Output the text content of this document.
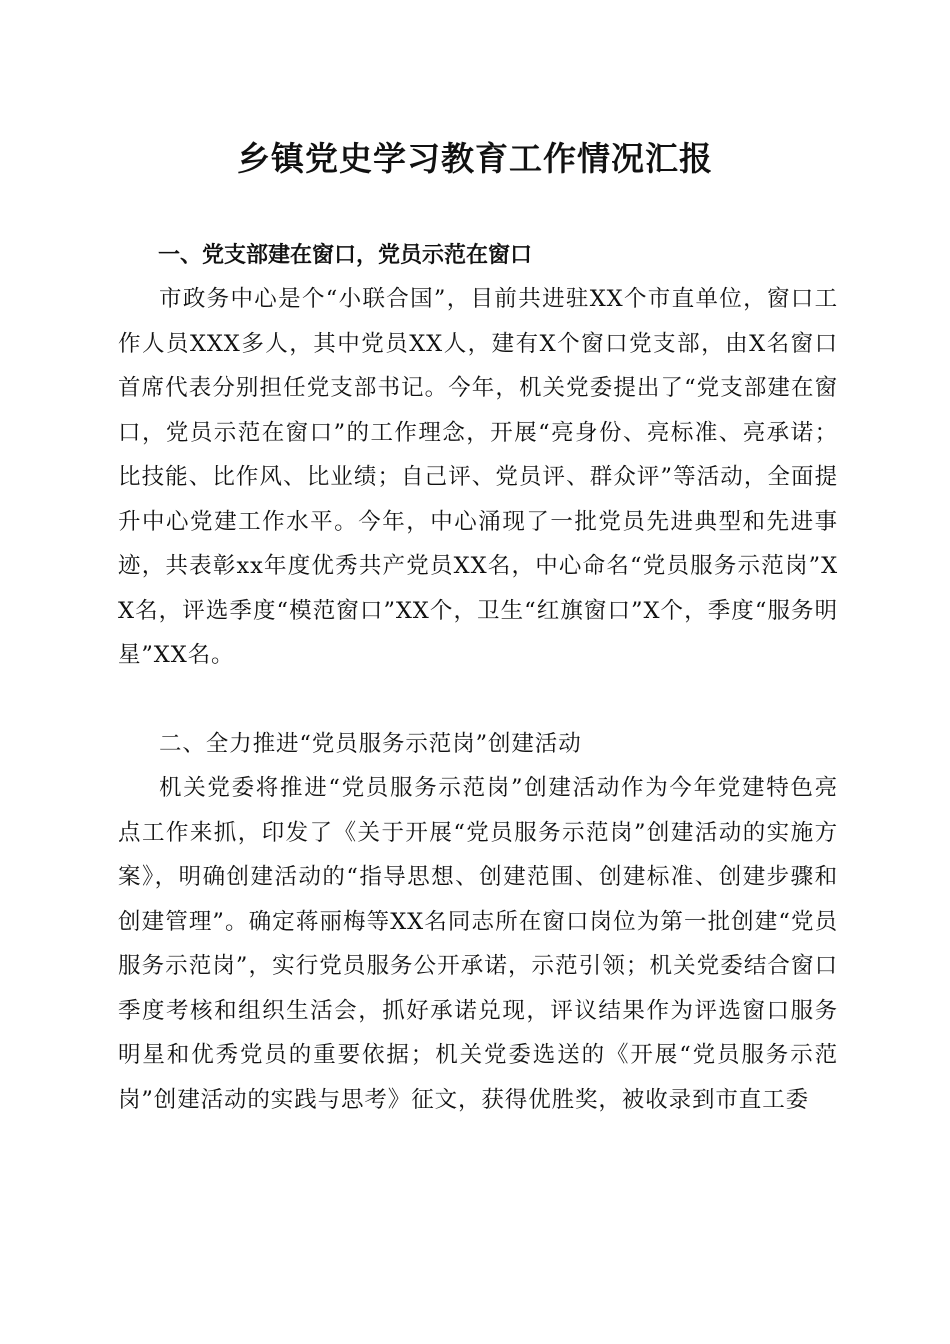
乡镇党史学习教育工作情况汇报

一、党支部建在窗口，党员示范在窗口

市政务中心是个“小联合国”，目前共进驻XX个市直单位，窗口工作人员XXX多人，其中党员XX人，建有X个窗口党支部，由X名窗口首席代表分别担任党支部书记。今年，机关党委提出了“党支部建在窗口，党员示范在窗口”的工作理念，开展“亮身份、亮标准、亮承诺；比技能、比作风、比业绩；自己评、党员评、群众评”等活动，全面提升中心党建工作水平。今年，中心涌现了一批党员先进典型和先进事迹，共表彰xx年度优秀共产党员XX名，中心命名“党员服务示范岗”XX名，评选季度“模范窗口”XX个，卫生“红旗窗口”X个，季度“服务明星”XX名。

二、全力推进“党员服务示范岗”创建活动

机关党委将推进“党员服务示范岗”创建活动作为今年党建特色亮点工作来抓，印发了《关于开展“党员服务示范岗”创建活动的实施方案》，明确创建活动的“指导思想、创建范围、创建标准、创建步骤和创建管理”。确定蒋丽梅等XX名同志所在窗口岗位为第一批创建“党员服务示范岗”，实行党员服务公开承诺，示范引领；机关党委结合窗口季度考核和组织生活会，抓好承诺兑现，评议结果作为评选窗口服务明星和优秀党员的重要依据；机关党委选送的《开展“党员服务示范岗”创建活动的实践与思考》征文，获得优胜奖，被收录到市直工委
